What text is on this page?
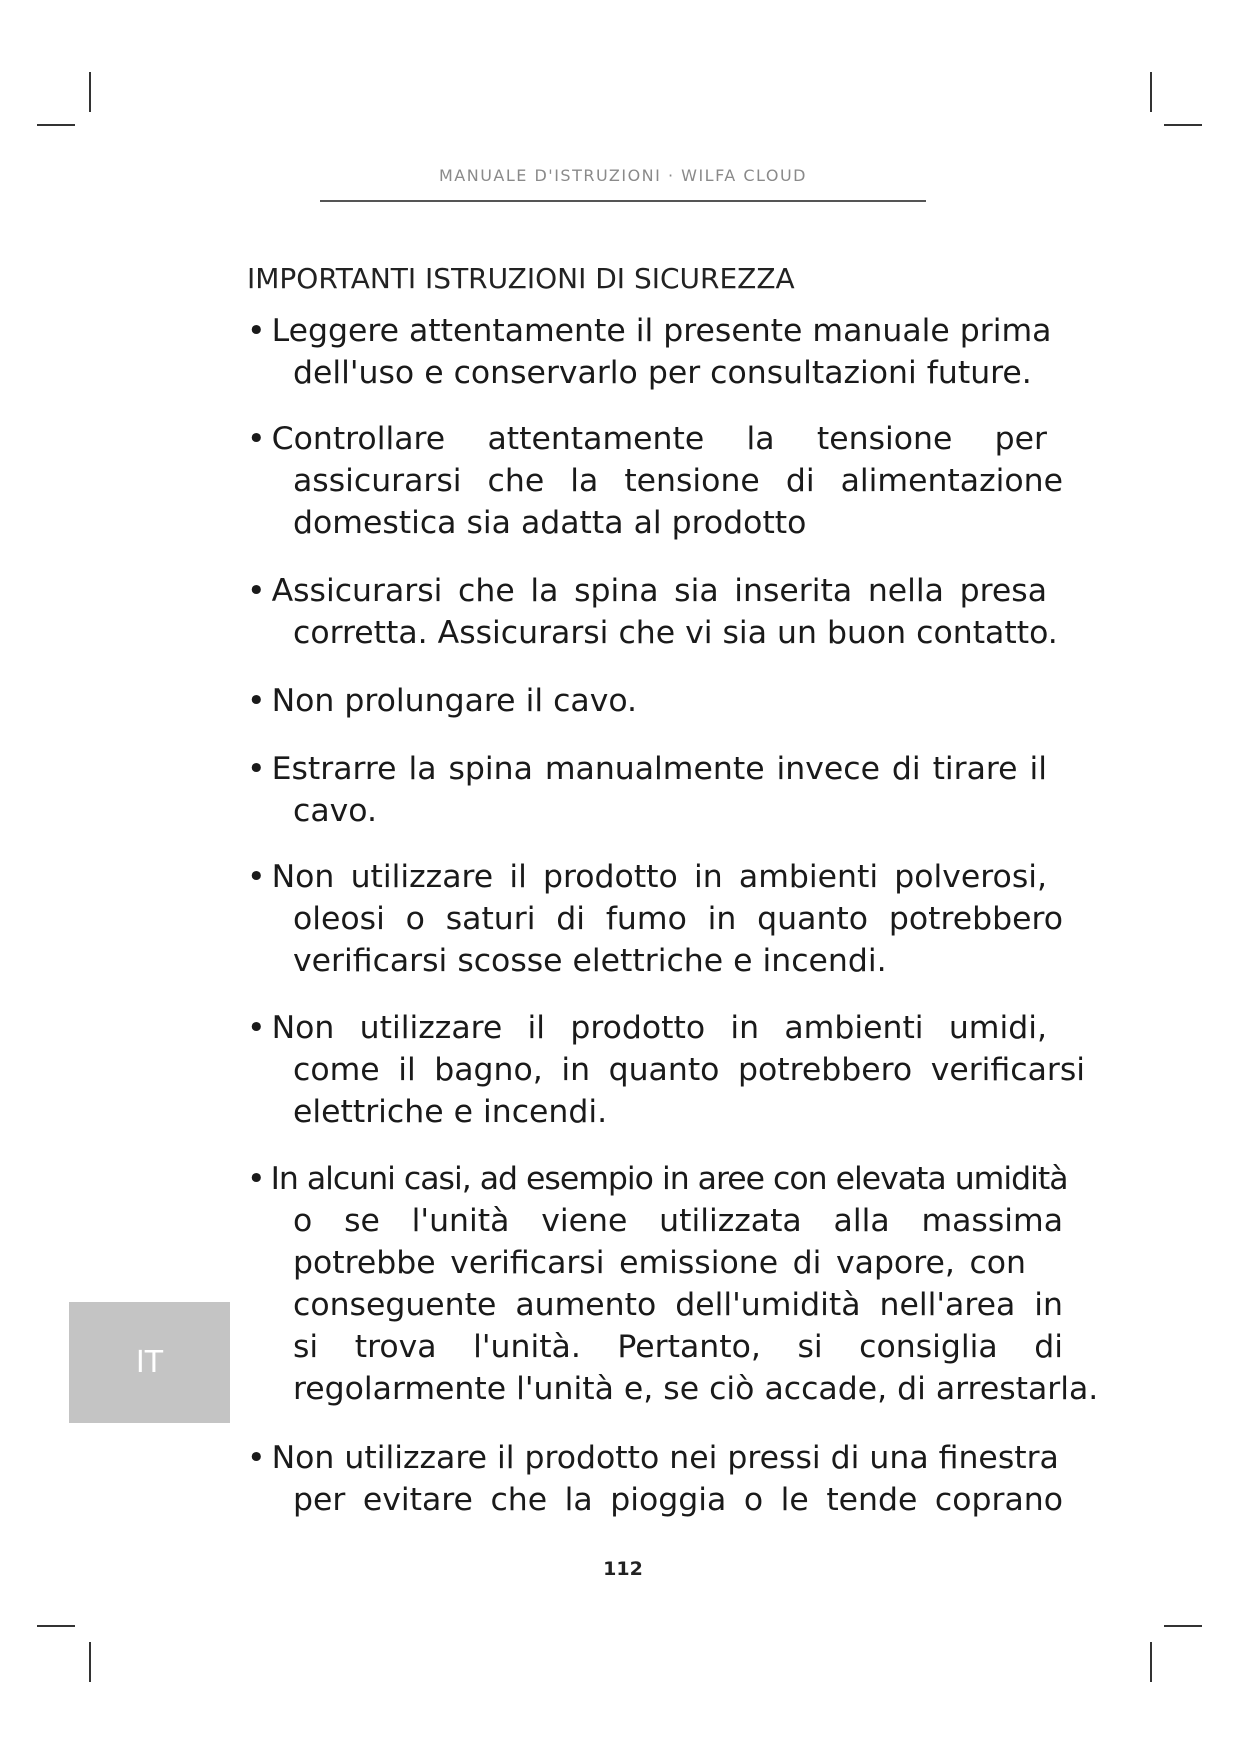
MANUALE D'ISTRUZIONI · WILFA CLOUD
IMPORTANTI ISTRUZIONI DI SICUREZZA
• Leggere attentamente il presente manuale prima
dell'uso e conservarlo per consultazioni future.
• Controllare attentamente la tensione per
assicurarsi che la tensione di alimentazione
domestica sia adatta al prodotto
• Assicurarsi che la spina sia inserita nella presa
corretta. Assicurarsi che vi sia un buon contatto.
• Non prolungare il cavo.
• Estrarre la spina manualmente invece di tirare il
cavo.
• Non utilizzare il prodotto in ambienti polverosi,
oleosi o saturi di fumo in quanto potrebbero
verificarsi scosse elettriche e incendi.
• Non utilizzare il prodotto in ambienti umidi,
come il bagno, in quanto potrebbero verificarsi
elettriche e incendi.
• In alcuni casi, ad esempio in aree con elevata umidità
o se l'unità viene utilizzata alla massima
potrebbe verificarsi emissione di vapore, con
conseguente aumento dell'umidità nell'area in
si trova l'unità. Pertanto, si consiglia di
regolarmente l'unità e, se ciò accade, di arrestarla.
• Non utilizzare il prodotto nei pressi di una finestra
per evitare che la pioggia o le tende coprano
IT
112
